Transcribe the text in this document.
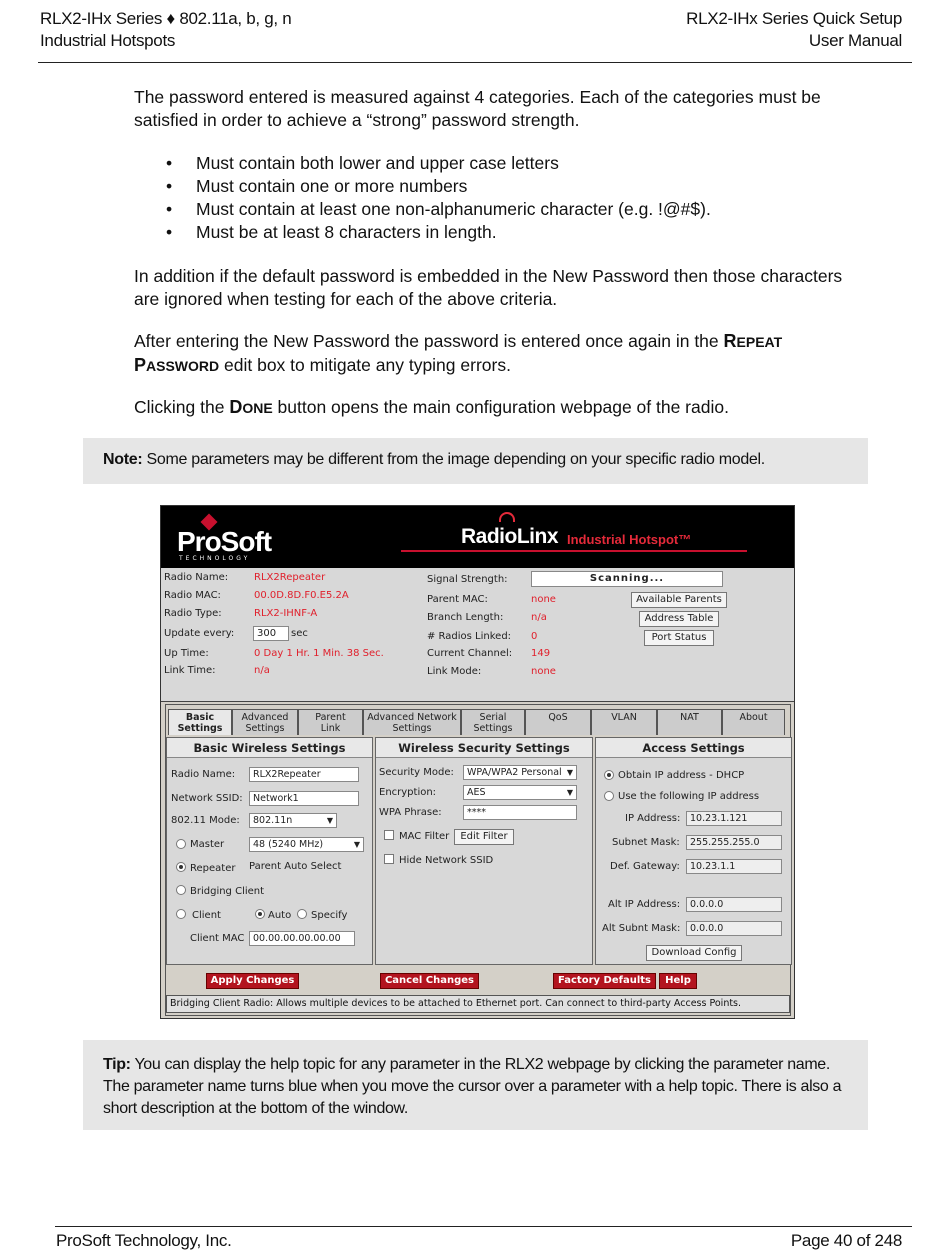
RLX2-IHx Series ♦ 802.11a, b, g, n
Industrial Hotspots
RLX2-IHx Series Quick Setup
User Manual

The password entered is measured against 4 categories. Each of the categories must be satisfied in order to achieve a “strong” password strength.

• Must contain both lower and upper case letters
• Must contain one or more numbers
• Must contain at least one non-alphanumeric character (e.g. !@#$).
• Must be at least 8 characters in length.

In addition if the default password is embedded in the New Password then those characters are ignored when testing for each of the above criteria.

After entering the New Password the password is entered once again in the REPEAT PASSWORD edit box to mitigate any typing errors.

Clicking the DONE button opens the main configuration webpage of the radio.

Note: Some parameters may be different from the image depending on your specific radio model.
ProSoft
TECHNOLOGY
RadioLinx Industrial Hotspot™
Radio Name:	RLX2Repeater
Radio MAC:	00.0D.8D.F0.E5.2A
Radio Type:	RLX2-IHNF-A
Update every:	300	sec
Up Time:	0 Day 1 Hr. 1 Min. 38 Sec.
Link Time:	n/a
Signal Strength:	Scanning...
Parent MAC:	none
Branch Length:	n/a
# Radios Linked: 0
Current Channel: 149
Link Mode:	none
Available Parents
Address Table
Port Status
Basic
Settings
Advanced
Settings
Parent
Link
Advanced Network
Settings
Serial
Settings
QoS	VLAN	NAT	About
Basic Wireless Settings
Radio Name:	RLX2Repeater
Network SSID:	Network1
802.11 Mode:	802.11n ▼
Master	48 (5240 MHz) ▼
Repeater Parent Auto Select
Bridging Client
Client	Auto Specify
Client MAC 00.00.00.00.00.00
Wireless Security Settings
Security Mode:	WPA/WPA2 Personal ▼
Encryption:	AES ▼
WPA Phrase:	****
MAC Filter	Edit Filter
Hide Network SSID
Access Settings
Obtain IP address - DHCP
Use the following IP address
IP Address:	10.23.1.121
Subnet Mask:	255.255.255.0
Def. Gateway:	10.23.1.1
Alt IP Address:	0.0.0.0
Alt Subnt Mask:	0.0.0.0
Download Config
Apply Changes	Cancel Changes	Factory Defaults	Help
Bridging Client Radio: Allows multiple devices to be attached to Ethernet port. Can connect to third-party Access Points.
Tip: You can display the help topic for any parameter in the RLX2 webpage by clicking the parameter name. The parameter name turns blue when you move the cursor over a parameter with a help topic. There is also a short description at the bottom of the window.
ProSoft Technology, Inc.	Page 40 of 248
